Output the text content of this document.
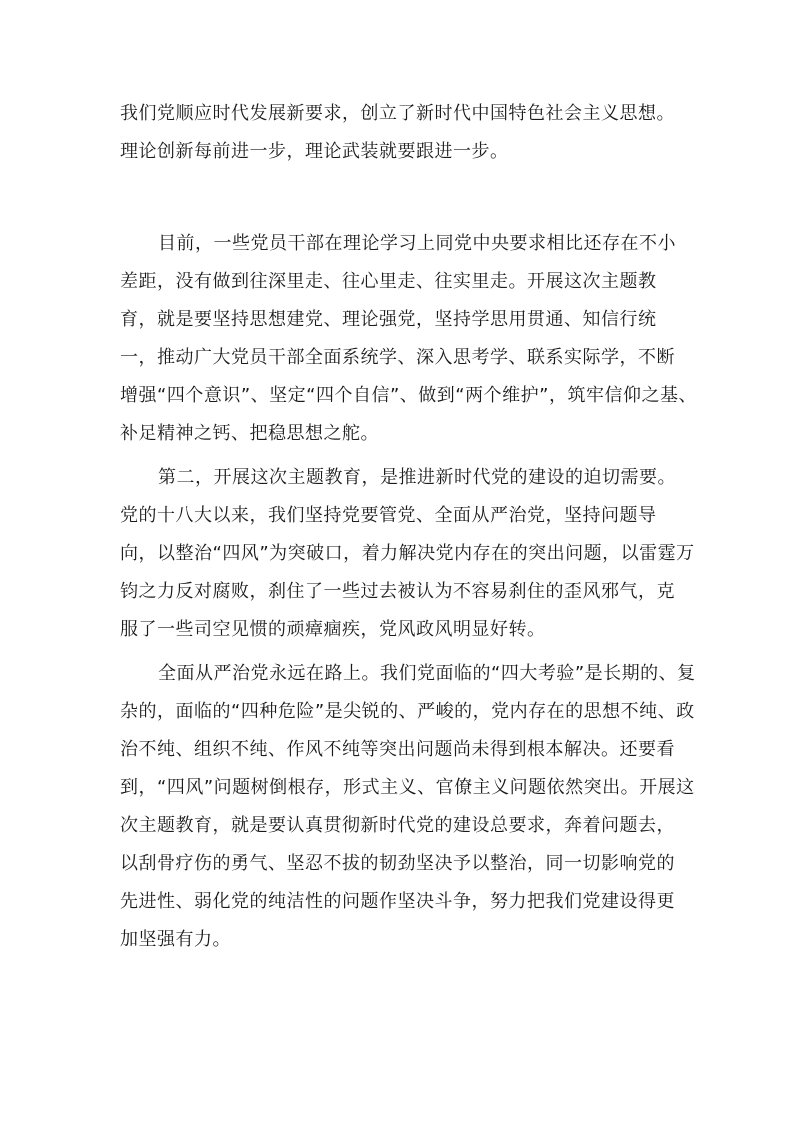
我们党顺应时代发展新要求，创立了新时代中国特色社会主义思想。
理论创新每前进一步，理论武装就要跟进一步。

目前，一些党员干部在理论学习上同党中央要求相比还存在不小
差距，没有做到往深里走、往心里走、往实里走。开展这次主题教
育，就是要坚持思想建党、理论强党，坚持学思用贯通、知信行统
一，推动广大党员干部全面系统学、深入思考学、联系实际学，不断
增强“四个意识”、坚定“四个自信”、做到“两个维护”，筑牢信仰之基、
补足精神之钙、把稳思想之舵。

第二，开展这次主题教育，是推进新时代党的建设的迫切需要。
党的十八大以来，我们坚持党要管党、全面从严治党，坚持问题导
向，以整治“四风”为突破口，着力解决党内存在的突出问题，以雷霆万
钧之力反对腐败，刹住了一些过去被认为不容易刹住的歪风邪气，克
服了一些司空见惯的顽瘴痼疾，党风政风明显好转。

全面从严治党永远在路上。我们党面临的“四大考验”是长期的、复
杂的，面临的“四种危险”是尖锐的、严峻的，党内存在的思想不纯、政
治不纯、组织不纯、作风不纯等突出问题尚未得到根本解决。还要看
到，“四风”问题树倒根存，形式主义、官僚主义问题依然突出。开展这
次主题教育，就是要认真贯彻新时代党的建设总要求，奔着问题去，
以刮骨疗伤的勇气、坚忍不拔的韧劲坚决予以整治，同一切影响党的
先进性、弱化党的纯洁性的问题作坚决斗争，努力把我们党建设得更
加坚强有力。
